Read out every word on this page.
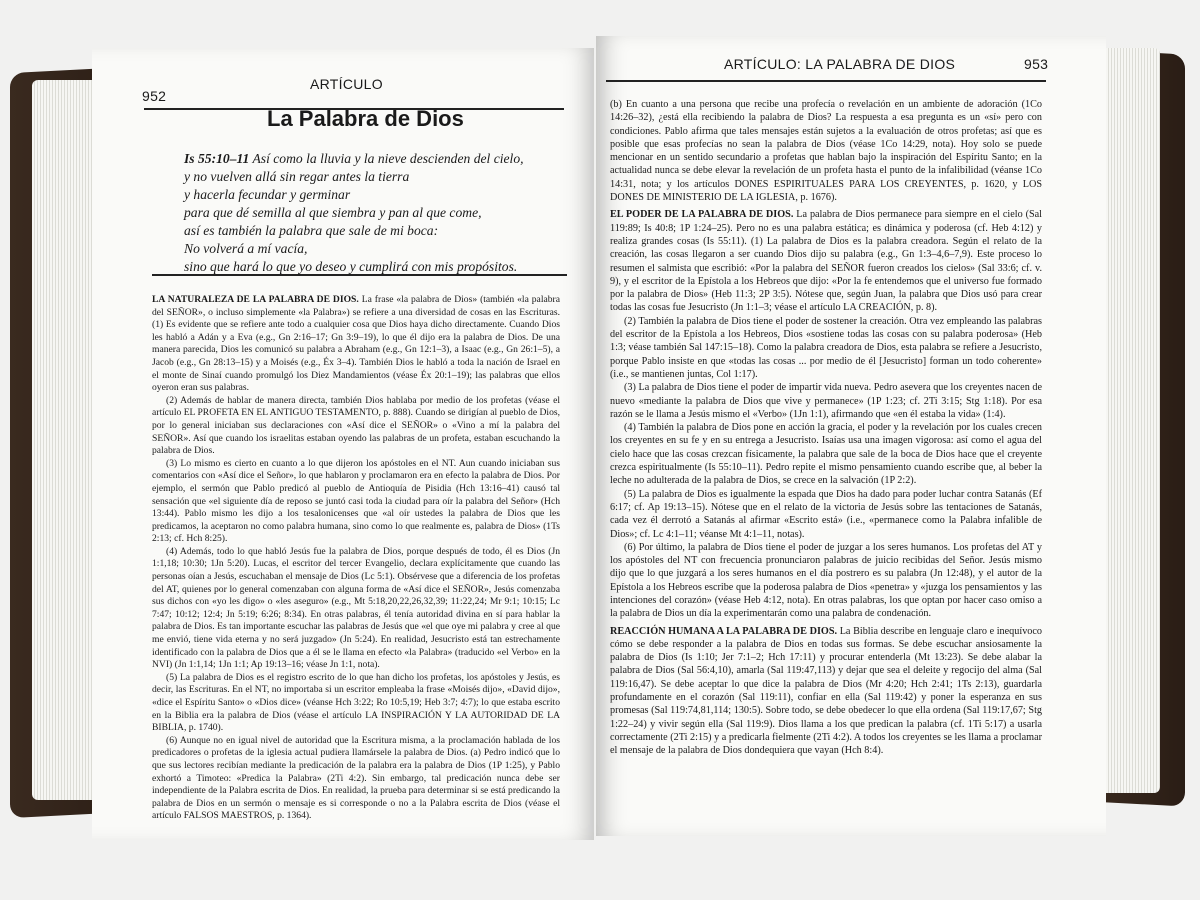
952
ARTÍCULO
La Palabra de Dios
Is 55:10–11 Así como la lluvia y la nieve descienden del cielo,
y no vuelven allá sin regar antes la tierra
y hacerla fecundar y germinar
para que dé semilla al que siembra y pan al que come,
así es también la palabra que sale de mi boca:
No volverá a mí vacía,
sino que hará lo que yo deseo y cumplirá con mis propósitos.

LA NATURALEZA DE LA PALABRA DE DIOS. La frase «la palabra de Dios» (también «la palabra del SEÑOR», o incluso simplemente «la Palabra») se refiere a una diversidad de cosas en las Escrituras. (1) Es evidente que se refiere ante todo a cualquier cosa que Dios haya dicho directamente. Cuando Dios les habló a Adán y a Eva (e.g., Gn 2:16–17; Gn 3:9–19), lo que él dijo era la palabra de Dios. De una manera parecida, Dios les comunicó su palabra a Abraham (e.g., Gn 12:1–3), a Isaac (e.g., Gn 26:1–5), a Jacob (e.g., Gn 28:13–15) y a Moisés (e.g., Éx 3–4). También Dios le habló a toda la nación de Israel en el monte de Sinaí cuando promulgó los Diez Mandamientos (véase Éx 20:1–19); las palabras que ellos oyeron eran sus palabras.

(2) Además de hablar de manera directa, también Dios hablaba por medio de los profetas (véase el artículo EL PROFETA EN EL ANTIGUO TESTAMENTO, p. 888). Cuando se dirigían al pueblo de Dios, por lo general iniciaban sus declaraciones con «Así dice el SEÑOR» o «Vino a mí la palabra del SEÑOR». Así que cuando los israelitas estaban oyendo las palabras de un profeta, estaban escuchando la palabra de Dios.

(3) Lo mismo es cierto en cuanto a lo que dijeron los apóstoles en el NT. Aun cuando iniciaban sus comentarios con «Así dice el Señor», lo que hablaron y proclamaron era en efecto la palabra de Dios. Por ejemplo, el sermón que Pablo predicó al pueblo de Antioquía de Pisidia (Hch 13:16–41) causó tal sensación que «el siguiente día de reposo se juntó casi toda la ciudad para oír la palabra del Señor» (Hch 13:44). Pablo mismo les dijo a los tesalonicenses que «al oír ustedes la palabra de Dios que les predicamos, la aceptaron no como palabra humana, sino como lo que realmente es, palabra de Dios» (1Ts 2:13; cf. Hch 8:25).

(4) Además, todo lo que habló Jesús fue la palabra de Dios, porque después de todo, él es Dios (Jn 1:1,18; 10:30; 1Jn 5:20). Lucas, el escritor del tercer Evangelio, declara explícitamente que cuando las personas oían a Jesús, escuchaban el mensaje de Dios (Lc 5:1). Obsérvese que a diferencia de los profetas del AT, quienes por lo general comenzaban con alguna forma de «Así dice el SEÑOR», Jesús comenzaba sus dichos con «yo les digo» o «les aseguro» (e.g., Mt 5:18,20,22,26,32,39; 11:22,24; Mr 9:1; 10:15; Lc 7:47; 10:12; 12:4; Jn 5:19; 6:26; 8:34). En otras palabras, él tenía autoridad divina en sí para hablar la palabra de Dios. Es tan importante escuchar las palabras de Jesús que «el que oye mi palabra y cree al que me envió, tiene vida eterna y no será juzgado» (Jn 5:24). En realidad, Jesucristo está tan estrechamente identificado con la palabra de Dios que a él se le llama en efecto «la Palabra» (traducido «el Verbo» en la NVI) (Jn 1:1,14; 1Jn 1:1; Ap 19:13–16; véase Jn 1:1, nota).

(5) La palabra de Dios es el registro escrito de lo que han dicho los profetas, los apóstoles y Jesús, es decir, las Escrituras. En el NT, no importaba si un escritor empleaba la frase «Moisés dijo», «David dijo», «dice el Espíritu Santo» o «Dios dice» (véanse Hch 3:22; Ro 10:5,19; Heb 3:7; 4:7); lo que estaba escrito en la Biblia era la palabra de Dios (véase el artículo LA INSPIRACIÓN Y LA AUTORIDAD DE LA BIBLIA, p. 1740).

(6) Aunque no en igual nivel de autoridad que la Escritura misma, a la proclamación hablada de los predicadores o profetas de la iglesia actual pudiera llamársele la palabra de Dios. (a) Pedro indicó que lo que sus lectores recibían mediante la predicación de la palabra era la palabra de Dios (1P 1:25), y Pablo exhortó a Timoteo: «Predica la Palabra» (2Ti 4:2). Sin embargo, tal predicación nunca debe ser independiente de la Palabra escrita de Dios. En realidad, la prueba para determinar si se está predicando la palabra de Dios en un sermón o mensaje es si corresponde o no a la Palabra escrita de Dios (véase el artículo FALSOS MAESTROS, p. 1364).

ARTÍCULO: LA PALABRA DE DIOS	953

(b) En cuanto a una persona que recibe una profecía o revelación en un ambiente de adoración (1Co 14:26–32), ¿está ella recibiendo la palabra de Dios? La respuesta a esa pregunta es un «sí» pero con condiciones. Pablo afirma que tales mensajes están sujetos a la evaluación de otros profetas; así que es posible que esas profecías no sean la palabra de Dios (véase 1Co 14:29, nota). Hoy solo se puede mencionar en un sentido secundario a profetas que hablan bajo la inspiración del Espíritu Santo; en la actualidad nunca se debe elevar la revelación de un profeta hasta el punto de la infalibilidad (véanse 1Co 14:31, nota; y los artículos DONES ESPIRITUALES PARA LOS CREYENTES, p. 1620, y LOS DONES DE MINISTERIO DE LA IGLESIA, p. 1676).

EL PODER DE LA PALABRA DE DIOS. La palabra de Dios permanece para siempre en el cielo (Sal 119:89; Is 40:8; 1P 1:24–25). Pero no es una palabra estática; es dinámica y poderosa (cf. Heb 4:12) y realiza grandes cosas (Is 55:11). (1) La palabra de Dios es la palabra creadora. Según el relato de la creación, las cosas llegaron a ser cuando Dios dijo su palabra (e.g., Gn 1:3–4,6–7,9). Este proceso lo resumen el salmista que escribió: «Por la palabra del SEÑOR fueron creados los cielos» (Sal 33:6; cf. v. 9), y el escritor de la Epístola a los Hebreos que dijo: «Por la fe entendemos que el universo fue formado por la palabra de Dios» (Heb 11:3; 2P 3:5). Nótese que, según Juan, la palabra que Dios usó para crear todas las cosas fue Jesucristo (Jn 1:1–3; véase el artículo LA CREACIÓN, p. 8).

(2) También la palabra de Dios tiene el poder de sostener la creación. Otra vez empleando las palabras del escritor de la Epístola a los Hebreos, Dios «sostiene todas las cosas con su palabra poderosa» (Heb 1:3; véase también Sal 147:15–18). Como la palabra creadora de Dios, esta palabra se refiere a Jesucristo, porque Pablo insiste en que «todas las cosas ... por medio de él [Jesucristo] forman un todo coherente» (i.e., se mantienen juntas, Col 1:17).

(3) La palabra de Dios tiene el poder de impartir vida nueva. Pedro asevera que los creyentes nacen de nuevo «mediante la palabra de Dios que vive y permanece» (1P 1:23; cf. 2Ti 3:15; Stg 1:18). Por esa razón se le llama a Jesús mismo el «Verbo» (1Jn 1:1), afirmando que «en él estaba la vida» (1:4).

(4) También la palabra de Dios pone en acción la gracia, el poder y la revelación por los cuales crecen los creyentes en su fe y en su entrega a Jesucristo. Isaías usa una imagen vigorosa: así como el agua del cielo hace que las cosas crezcan físicamente, la palabra que sale de la boca de Dios hace que el creyente crezca espiritualmente (Is 55:10–11). Pedro repite el mismo pensamiento cuando escribe que, al beber la leche no adulterada de la palabra de Dios, se crece en la salvación (1P 2:2).

(5) La palabra de Dios es igualmente la espada que Dios ha dado para poder luchar contra Satanás (Ef 6:17; cf. Ap 19:13–15). Nótese que en el relato de la victoria de Jesús sobre las tentaciones de Satanás, cada vez él derrotó a Satanás al afirmar «Escrito está» (i.e., «permanece como la Palabra infalible de Dios»; cf. Lc 4:1–11; véanse Mt 4:1–11, notas).

(6) Por último, la palabra de Dios tiene el poder de juzgar a los seres humanos. Los profetas del AT y los apóstoles del NT con frecuencia pronunciaron palabras de juicio recibidas del Señor. Jesús mismo dijo que lo que juzgará a los seres humanos en el día postrero es su palabra (Jn 12:48), y el autor de la Epístola a los Hebreos escribe que la poderosa palabra de Dios «penetra» y «juzga los pensamientos y las intenciones del corazón» (véase Heb 4:12, nota). En otras palabras, los que optan por hacer caso omiso a la palabra de Dios un día la experimentarán como una palabra de condenación.

REACCIÓN HUMANA A LA PALABRA DE DIOS. La Biblia describe en lenguaje claro e inequívoco cómo se debe responder a la palabra de Dios en todas sus formas. Se debe escuchar ansiosamente la palabra de Dios (Is 1:10; Jer 7:1–2; Hch 17:11) y procurar entenderla (Mt 13:23). Se debe alabar la palabra de Dios (Sal 56:4,10), amarla (Sal 119:47,113) y dejar que sea el deleite y regocijo del alma (Sal 119:16,47). Se debe aceptar lo que dice la palabra de Dios (Mr 4:20; Hch 2:41; 1Ts 2:13), guardarla profundamente en el corazón (Sal 119:11), confiar en ella (Sal 119:42) y poner la esperanza en sus promesas (Sal 119:74,81,114; 130:5). Sobre todo, se debe obedecer lo que ella ordena (Sal 119:17,67; Stg 1:22–24) y vivir según ella (Sal 119:9). Dios llama a los que predican la palabra (cf. 1Ti 5:17) a usarla correctamente (2Ti 2:15) y a predicarla fielmente (2Ti 4:2). A todos los creyentes se les llama a proclamar el mensaje de la palabra de Dios dondequiera que vayan (Hch 8:4).
